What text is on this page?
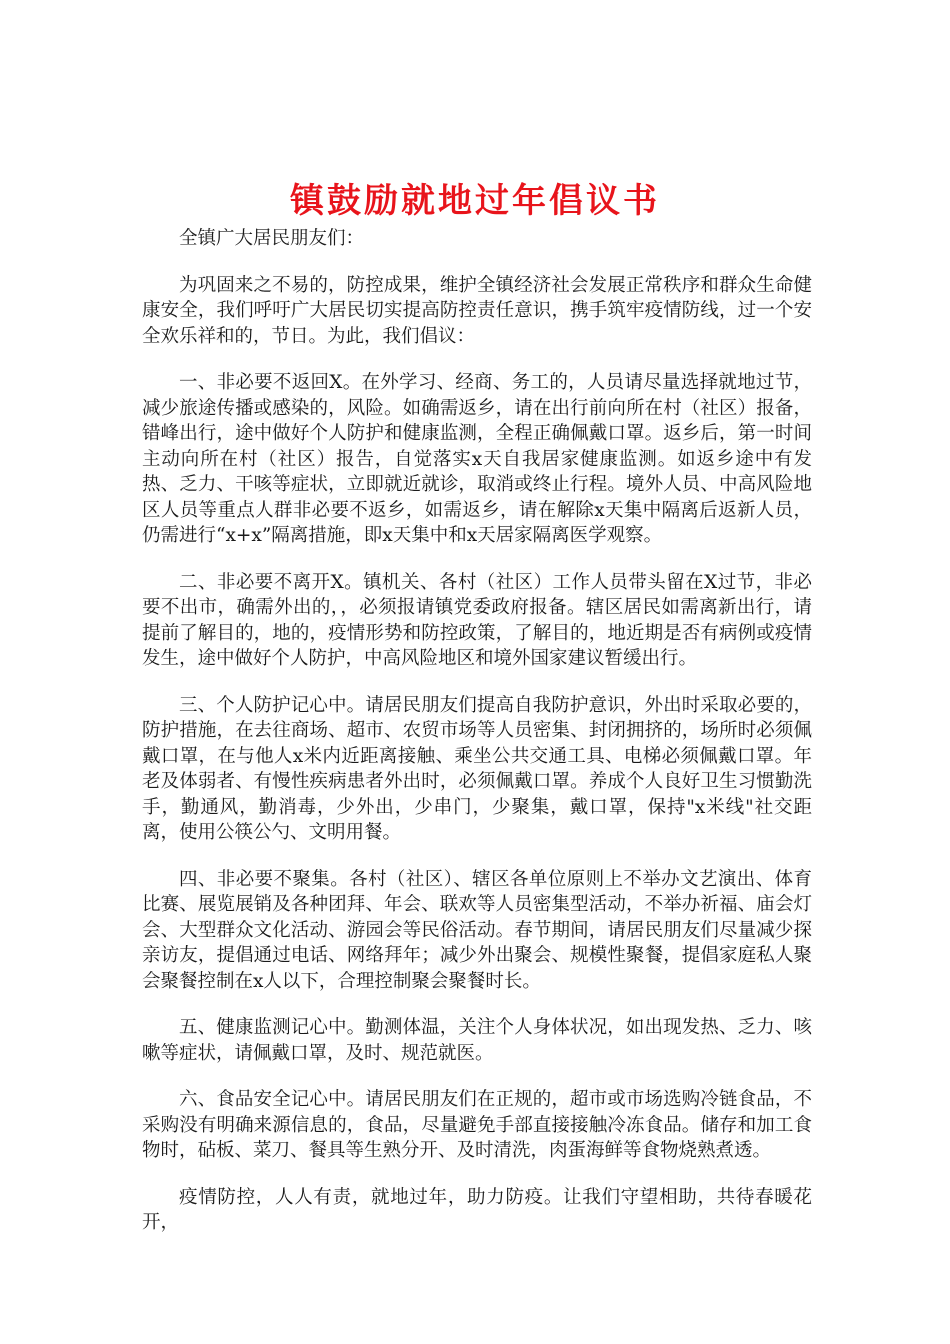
镇鼓励就地过年倡议书

全镇广大居民朋友们：

为巩固来之不易的，防控成果，维护全镇经济社会发展正常秩序和群众生命健康安全，我们呼吁广大居民切实提高防控责任意识，携手筑牢疫情防线，过一个安全欢乐祥和的，节日。为此，我们倡议：

一、非必要不返回X。在外学习、经商、务工的，人员请尽量选择就地过节，减少旅途传播或感染的，风险。如确需返乡，请在出行前向所在村（社区）报备，错峰出行，途中做好个人防护和健康监测，全程正确佩戴口罩。返乡后，第一时间主动向所在村（社区）报告，自觉落实x天自我居家健康监测。如返乡途中有发热、乏力、干咳等症状，立即就近就诊，取消或终止行程。境外人员、中高风险地区人员等重点人群非必要不返乡，如需返乡，请在解除x天集中隔离后返新人员，仍需进行“x+x”隔离措施，即x天集中和x天居家隔离医学观察。

二、非必要不离开X。镇机关、各村（社区）工作人员带头留在X过节，非必要不出市，确需外出的，，必须报请镇党委政府报备。辖区居民如需离新出行，请提前了解目的，地的，疫情形势和防控政策，了解目的，地近期是否有病例或疫情发生，途中做好个人防护，中高风险地区和境外国家建议暂缓出行。

三、个人防护记心中。请居民朋友们提高自我防护意识，外出时采取必要的，防护措施，在去往商场、超市、农贸市场等人员密集、封闭拥挤的，场所时必须佩戴口罩，在与他人x米内近距离接触、乘坐公共交通工具、电梯必须佩戴口罩。年老及体弱者、有慢性疾病患者外出时，必须佩戴口罩。养成个人良好卫生习惯勤洗手，勤通风，勤消毒，少外出，少串门，少聚集，戴口罩，保持"x米线"社交距离，使用公筷公勺、文明用餐。

四、非必要不聚集。各村（社区）、辖区各单位原则上不举办文艺演出、体育比赛、展览展销及各种团拜、年会、联欢等人员密集型活动，不举办祈福、庙会灯会、大型群众文化活动、游园会等民俗活动。春节期间，请居民朋友们尽量减少探亲访友，提倡通过电话、网络拜年；减少外出聚会、规模性聚餐，提倡家庭私人聚会聚餐控制在x人以下，合理控制聚会聚餐时长。

五、健康监测记心中。勤测体温，关注个人身体状况，如出现发热、乏力、咳嗽等症状，请佩戴口罩，及时、规范就医。

六、食品安全记心中。请居民朋友们在正规的，超市或市场选购冷链食品，不采购没有明确来源信息的，食品，尽量避免手部直接接触冷冻食品。储存和加工食物时，砧板、菜刀、餐具等生熟分开、及时清洗，肉蛋海鲜等食物烧熟煮透。

疫情防控，人人有责，就地过年，助力防疫。让我们守望相助，共待春暖花开，
